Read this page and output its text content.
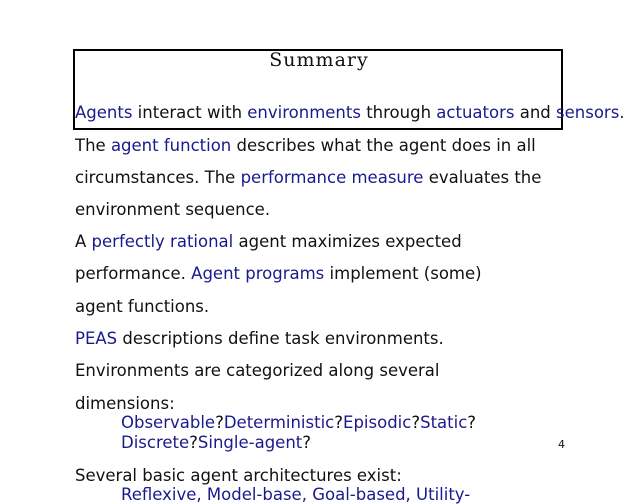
Summary
Agents interact with environments through actuators and sensors.
The agent function describes what the agent does in all
circumstances. The performance measure evaluates the
environment sequence.
A perfectly rational agent maximizes expected
performance. Agent programs implement (some)
agent functions.
PEAS descriptions define task environments.
Environments are categorized along several
dimensions:
Observable?Deterministic?Episodic?Static?
Discrete?Single-agent?
Several basic agent architectures exist:
Reflexive, Model-base, Goal-based, Utility-
4
